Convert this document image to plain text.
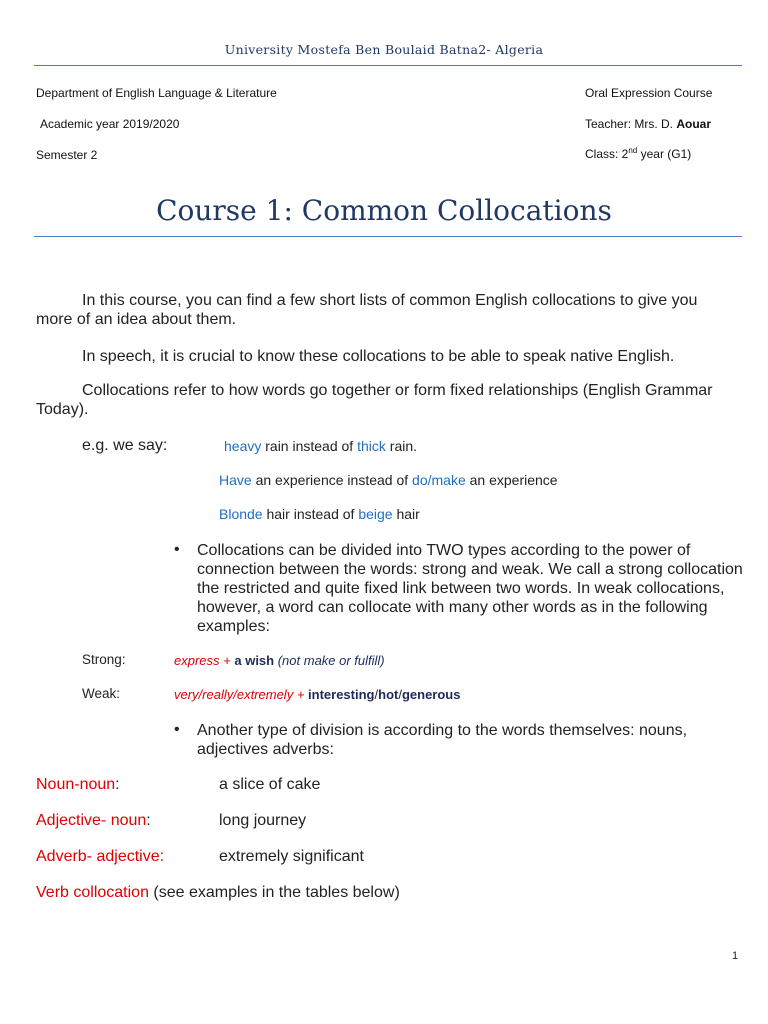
University Mostefa Ben Boulaid Batna2- Algeria
Department of English Language & Literature
Academic year 2019/2020
Semester 2
Oral Expression Course
Teacher: Mrs. D. Aouar
Class: 2nd year (G1)
Course 1: Common Collocations
In this course, you can find a few short lists of common English collocations to give you more of an idea about them.
In speech, it is crucial to know these collocations to be able to speak native English.
Collocations refer to how words go together or form fixed relationships (English Grammar Today).
e.g. we say:	heavy rain instead of thick rain.
Have an experience instead of do/make an experience
Blonde hair instead of beige hair
• Collocations can be divided into TWO types according to the power of connection between the words: strong and weak. We call a strong collocation the restricted and quite fixed link between two words. In weak collocations, however, a word can collocate with many other words as in the following examples:
Strong:	express + a wish (not make or fulfill)
Weak:	very/really/extremely + interesting/hot/generous
• Another type of division is according to the words themselves: nouns, adjectives adverbs:
Noun-noun:	a slice of cake
Adjective- noun:	long journey
Adverb- adjective:	extremely significant
Verb collocation (see examples in the tables below)
1
